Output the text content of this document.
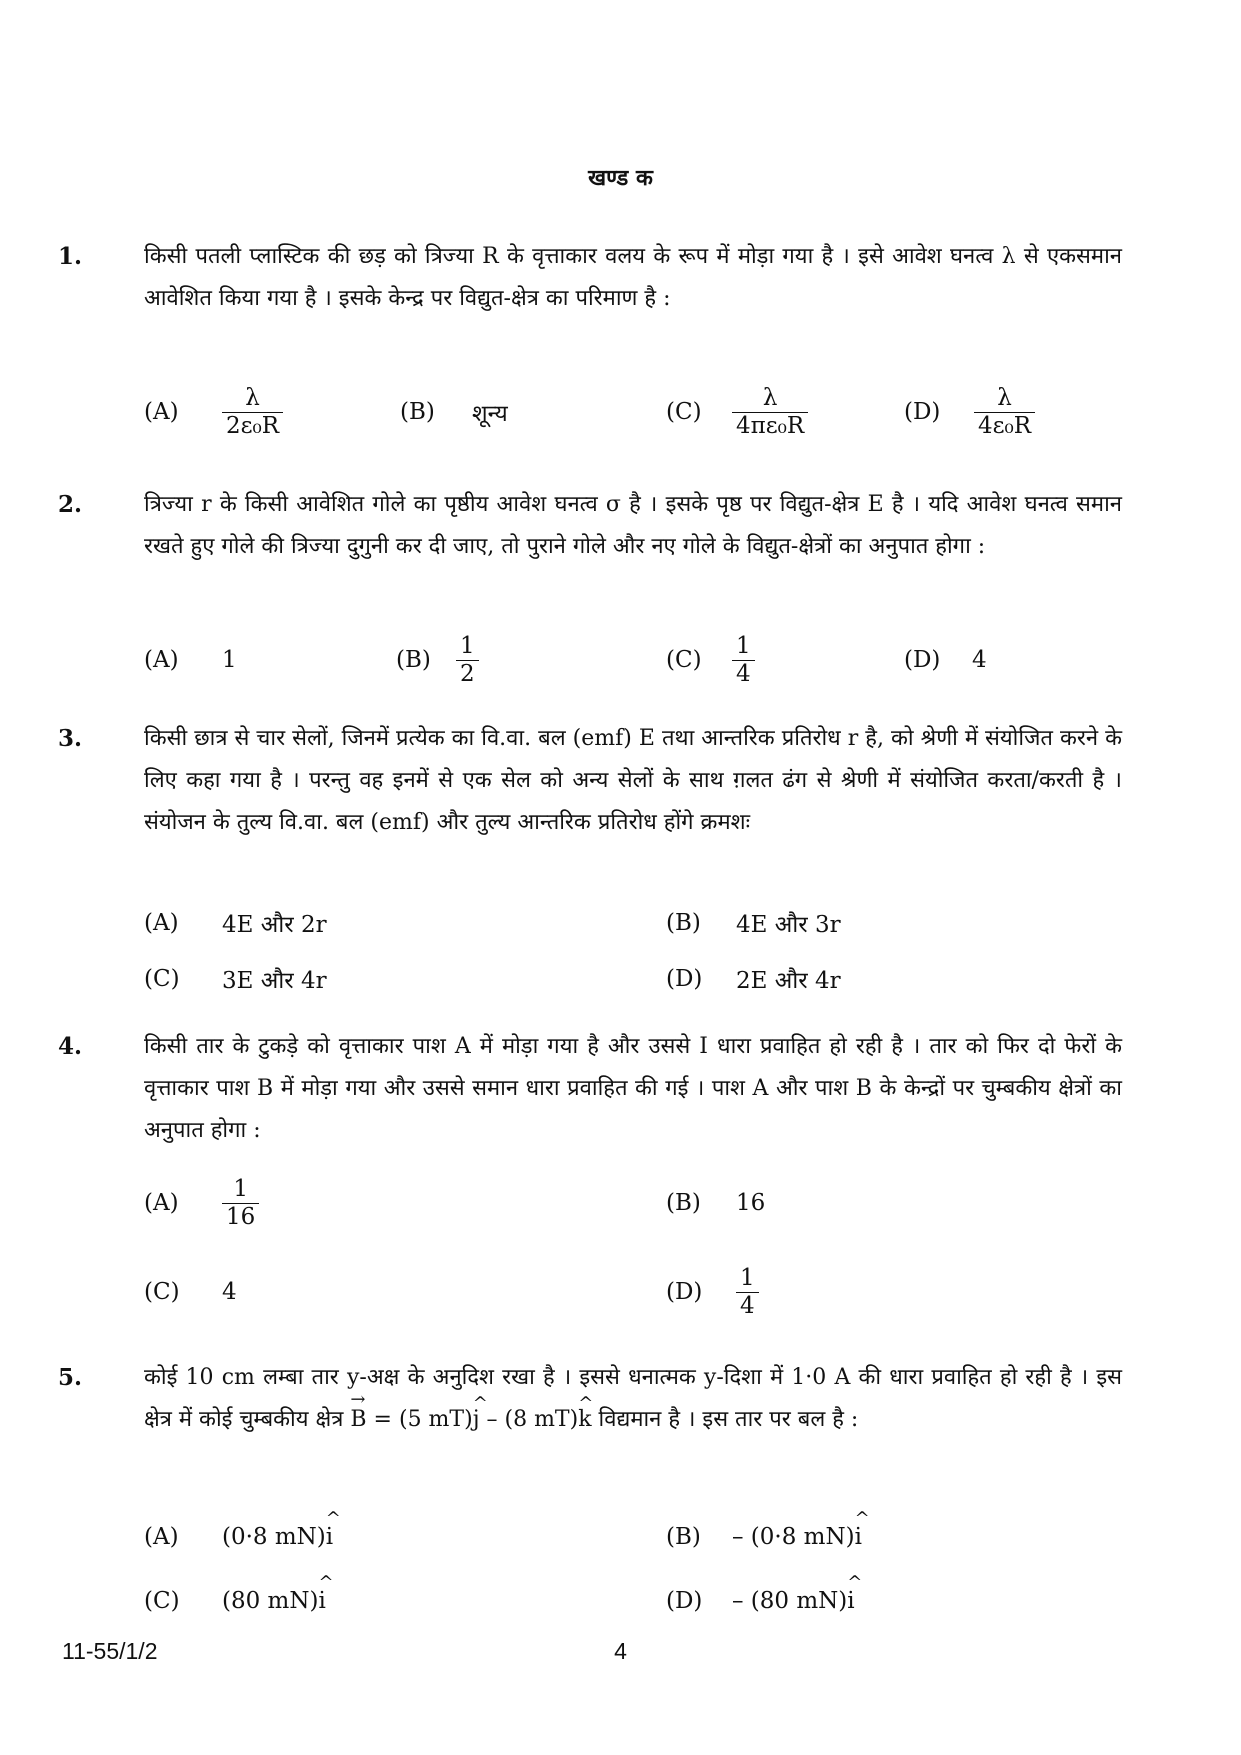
खण्ड क
1.	किसी पतली प्लास्टिक की छड़ को त्रिज्या R के वृत्ताकार वलय के रूप में मोड़ा गया है । इसे आवेश घनत्व λ से एकसमान आवेशित किया गया है । इसके केन्द्र पर विद्युत-क्षेत्र का परिमाण है :
(A)	$\frac{\lambda}{\text{2ε₀R}}$	(B)	शून्य	(C)	$\frac{\lambda}{\text{4πε₀R}}$	(D)	$\frac{\lambda}{\text{4ε₀R}}$
2.	त्रिज्या r के किसी आवेशित गोले का पृष्ठीय आवेश घनत्व σ है । इसके पृष्ठ पर विद्युत-क्षेत्र E है । यदि आवेश घनत्व समान रखते हुए गोले की त्रिज्या दुगुनी कर दी जाए, तो पुराने गोले और नए गोले के विद्युत-क्षेत्रों का अनुपात होगा :
(A)	1	(B)	$\frac{1}{2}$	(C)	$\frac{1}{4}$	(D)	4
3.	किसी छात्र से चार सेलों, जिनमें प्रत्येक का वि.वा. बल (emf) E तथा आन्तरिक प्रतिरोध r है, को श्रेणी में संयोजित करने के लिए कहा गया है । परन्तु वह इनमें से एक सेल को अन्य सेलों के साथ ग़लत ढंग से श्रेणी में संयोजित करता/करती है । संयोजन के तुल्य वि.वा. बल (emf) और तुल्य आन्तरिक प्रतिरोध होंगे क्रमशः
(A)	4E और 2r	(B)	4E और 3r
(C)	3E और 4r	(D)	2E और 4r
4.	किसी तार के टुकड़े को वृत्ताकार पाश A में मोड़ा गया है और उससे I धारा प्रवाहित हो रही है । तार को फिर दो फेरों के वृत्ताकार पाश B में मोड़ा गया और उससे समान धारा प्रवाहित की गई । पाश A और पाश B के केन्द्रों पर चुम्बकीय क्षेत्रों का अनुपात होगा :
(A)	$\frac{1}{16}$	(B)	16
(C)	4	(D)	$\frac{1}{4}$
5.	कोई 10 cm लम्बा तार y-अक्ष के अनुदिश रखा है । इससे धनात्मक y-दिशा में 1·0 A की धारा प्रवाहित हो रही है । इस क्षेत्र में कोई चुम्बकीय क्षेत्र → B = (5 mT)^ j – (8 mT)^ k विद्यमान है । इस तार पर बल है :
(A)	(0·8 mN) ^ i	(B)	– (0·8 mN) ^ i
(C)	(80 mN) ^ i	(D)	– (80 mN) ^ i
11-55/1/2	4
